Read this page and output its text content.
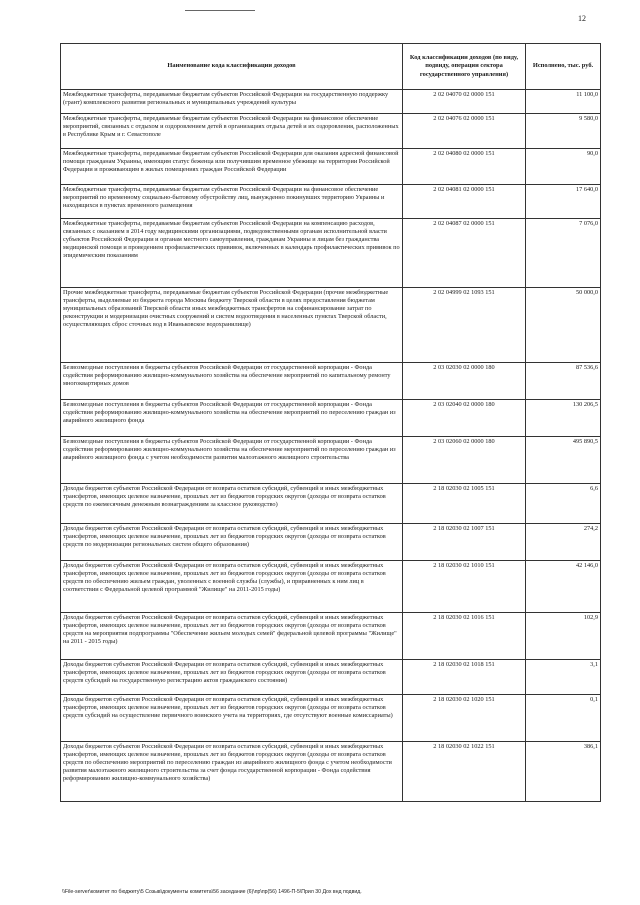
12
Наименование кода классификации доходов	Код классификации доходов (по виду, подвиду, операции сектора государственного управления)	Исполнено, тыс. руб.
Межбюджетные трансферты, передаваемые бюджетам субъектов Российской Федерации на государственную поддержку (грант) комплексного развития региональных и муниципальных учреждений культуры	2 02 04070 02 0000 151	11 100,0
Межбюджетные трансферты, передаваемые бюджетам субъектов Российской Федерации на финансовое обеспечение мероприятий, связанных с отдыхом и оздоровлением детей в организациях отдыха детей и их оздоровления, расположенных в Республике Крым и г. Севастополе	2 02 04076 02 0000 151	9 580,0
Межбюджетные трансферты, передаваемые бюджетам субъектов Российской Федерации для оказания адресной финансовой помощи гражданам Украины, имеющим статус беженца или получившим временное убежище на территории Российской Федерации и проживающим в жилых помещениях граждан Российской Федерации	2 02 04080 02 0000 151	90,0
Межбюджетные трансферты, передаваемые бюджетам субъектов Российской Федерации на финансовое обеспечение мероприятий по временному социально-бытовому обустройству лиц, вынужденно покинувших территорию Украины и находящихся в пунктах временного размещения	2 02 04081 02 0000 151	17 640,0
Межбюджетные трансферты, передаваемые бюджетам субъектов Российской Федерации на компенсацию расходов, связанных с оказанием в 2014 году медицинскими организациями, подведомственными органам исполнительной власти субъектов Российской Федерации и органам местного самоуправления, гражданам Украины и лицам без гражданства медицинской помощи и проведением профилактических прививок, включенных в календарь профилактических прививок по эпидемическим показаниям	2 02 04087 02 0000 151	7 076,0
Прочие межбюджетные трансферты, передаваемые бюджетам субъектов Российской Федерации (прочие межбюджетные трансферты, выделяемые из бюджета города Москвы бюджету Тверской области в целях предоставления бюджетам муниципальных образований Тверской области иных межбюджетных трансфертов на софинансирование затрат по реконструкции и модернизации очистных сооружений и систем водоотведения в населенных пунктах Тверской области, осуществляющих сброс сточных вод в Иваньковское водохранилище)	2 02 04999 02 1093 151	50 000,0
Безвозмездные поступления в бюджеты субъектов Российской Федерации от государственной корпорации - Фонда содействия реформированию жилищно-коммунального хозяйства на обеспечение мероприятий по капитальному ремонту многоквартирных домов	2 03 02030 02 0000 180	87 536,6
Безвозмездные поступления в бюджеты субъектов Российской Федерации от государственной корпорации - Фонда содействия реформированию жилищно-коммунального хозяйства на обеспечение мероприятий по переселению граждан из аварийного жилищного фонда	2 03 02040 02 0000 180	130 206,5
Безвозмездные поступления в бюджеты субъектов Российской Федерации от государственной корпорации - Фонда содействия реформированию жилищно-коммунального хозяйства на обеспечение мероприятий по переселению граждан из аварийного жилищного фонда с учетом необходимости развития малоэтажного жилищного строительства	2 03 02060 02 0000 180	495 890,5
Доходы бюджетов субъектов Российской Федерации от возврата остатков субсидий, субвенций и иных межбюджетных трансфертов, имеющих целевое назначение, прошлых лет из бюджетов городских округов (доходы от возврата остатков средств по ежемесячным денежным вознаграждениям за классное руководство)	2 18 02030 02 1005 151	6,6
Доходы бюджетов субъектов Российской Федерации от возврата остатков субсидий, субвенций и иных межбюджетных трансфертов, имеющих целевое назначение, прошлых лет из бюджетов городских округов (доходы от возврата остатков средств по модернизации региональных систем общего образования)	2 18 02030 02 1007 151	274,2
Доходы бюджетов субъектов Российской Федерации от возврата остатков субсидий, субвенций и иных межбюджетных трансфертов, имеющих целевое назначение, прошлых лет из бюджетов городских округов (доходы от возврата остатков средств по обеспечению жильем граждан, уволенных с военной службы (службы), и приравненных к ним лиц в соответствии с Федеральной целевой программой "Жилище" на 2011-2015 годы)	2 18 02030 02 1010 151	42 146,0
Доходы бюджетов субъектов Российской Федерации от возврата остатков субсидий, субвенций и иных межбюджетных трансфертов, имеющих целевое назначение, прошлых лет из бюджетов городских округов (доходы от возврата остатков средств на мероприятия подпрограммы "Обеспечение жильем молодых семей" федеральной целевой программы "Жилище" на 2011 - 2015 годы)	2 18 02030 02 1016 151	102,9
Доходы бюджетов субъектов Российской Федерации от возврата остатков субсидий, субвенций и иных межбюджетных трансфертов, имеющих целевое назначение, прошлых лет из бюджетов городских округов (доходы от возврата остатков средств субсидий на государственную регистрацию актов гражданского состояния)	2 18 02030 02 1018 151	3,1
Доходы бюджетов субъектов Российской Федерации от возврата остатков субсидий, субвенций и иных межбюджетных трансфертов, имеющих целевое назначение, прошлых лет из бюджетов городских округов (доходы от возврата остатков средств субсидий на осуществление первичного воинского учета на территориях, где отсутствуют военные комиссариаты)	2 18 02030 02 1020 151	0,1
Доходы бюджетов субъектов Российской Федерации от возврата остатков субсидий, субвенций и иных межбюджетных трансфертов, имеющих целевое назначение, прошлых лет из бюджетов городских округов (доходы от возврата остатков средств по обеспечению мероприятий по переселению граждан из аварийного жилищного фонда с учетом необходимости развития малоэтажного жилищного строительства за счет фонда государственной корпорации - Фонда содействия реформированию жилищно-коммунального хозяйства)	2 18 02030 02 1022 151	386,1
\\File-server\комитет по бюджету\5 Созыв\документы комитета\56 заседание (6)\пр\пр(56) 1496-П-5\Прил 30 Дох внд подвид.
